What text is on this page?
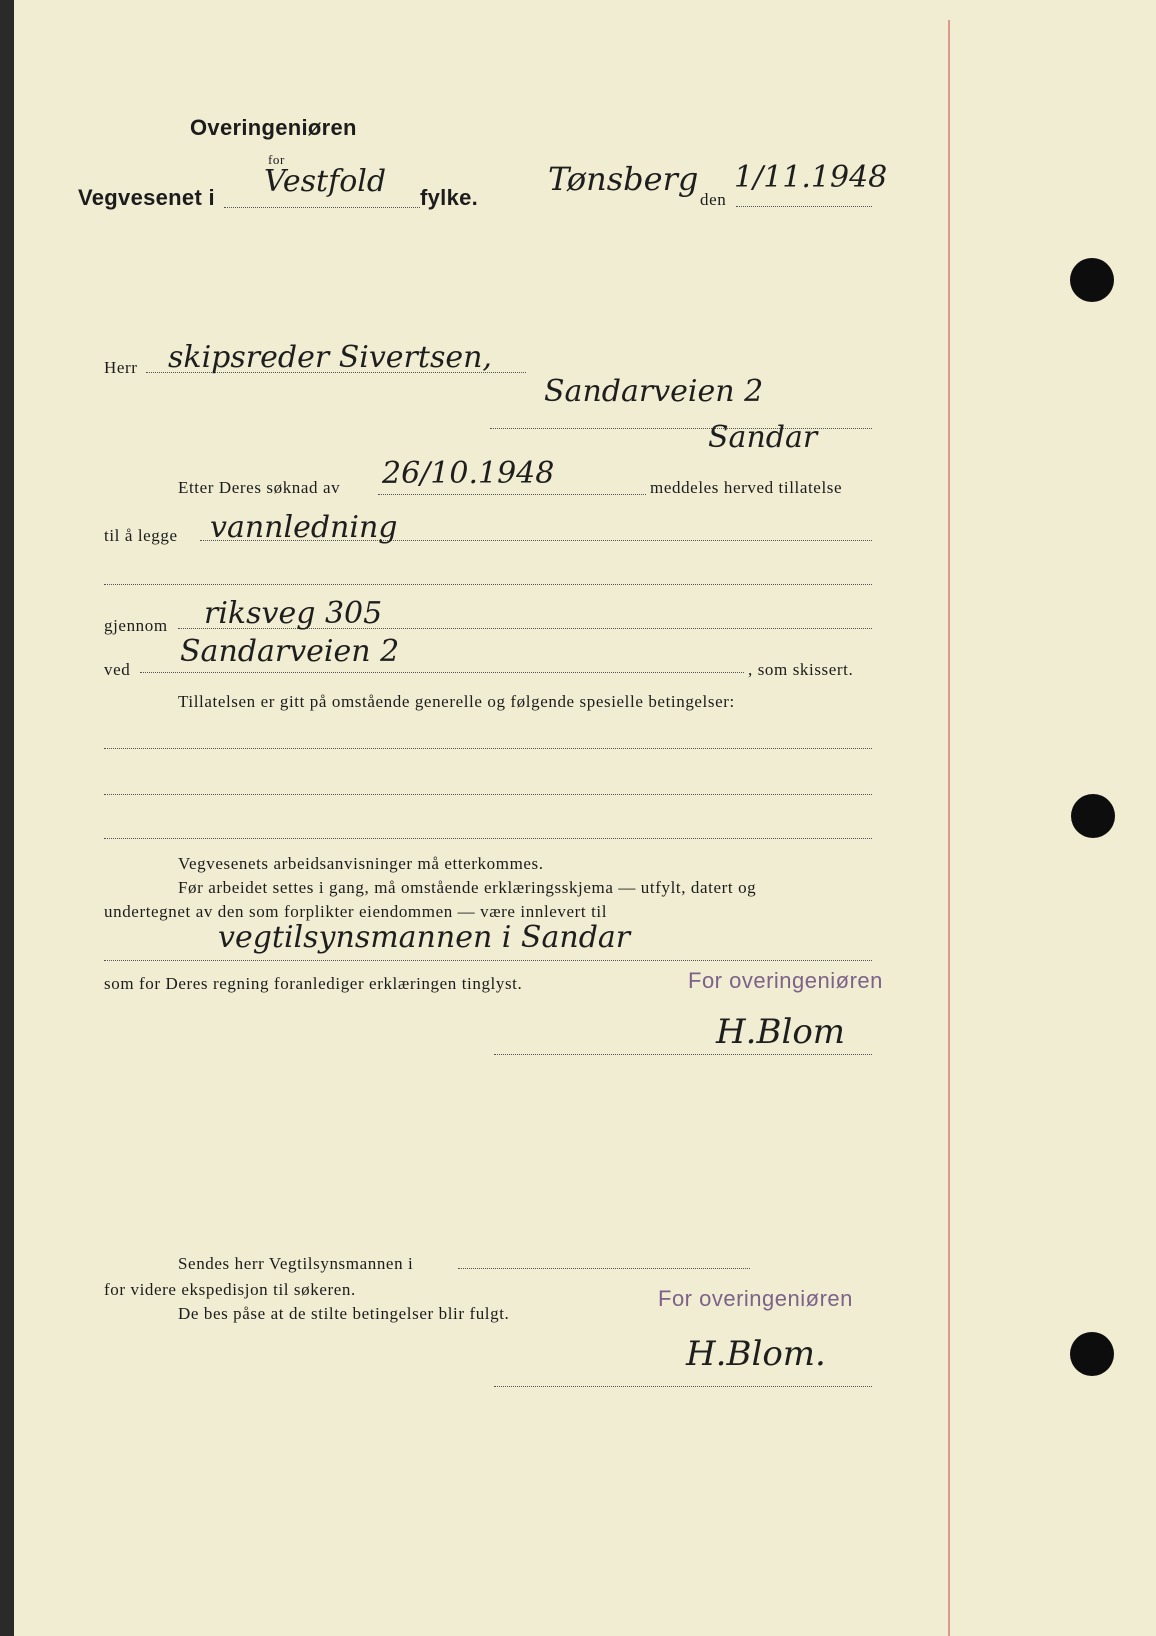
Overingeniøren
for
Vegvesenet i Vestfold fylke. Tønsberg
den
1/11.1948
Herr skipsreder Sivertsen,
Sandarveien 2
Sandar
Etter Deres søknad av 26/10.1948	meddeles herved tillatelse
til å legge vannledning
gjennom riksveg 305
ved
Sandarveien 2
, som skissert.
Tillatelsen er gitt på omstående generelle og følgende spesielle betingelser:
Vegvesenets arbeidsanvisninger må etterkommes.
Før arbeidet settes i gang, må omstående erklæringsskjema — utfylt, datert og
undertegnet av den som forplikter eiendommen — være innlevert til
vegtilsynsmannen i Sandar
som for Deres regning foranlediger erklæringen tinglyst.	For overingeniøren
H.Blom
Sendes herr Vegtilsynsmannen i
for videre ekspedisjon til søkeren.
De bes påse at de stilte betingelser blir fulgt.
For overingeniøren
H.Blom.
